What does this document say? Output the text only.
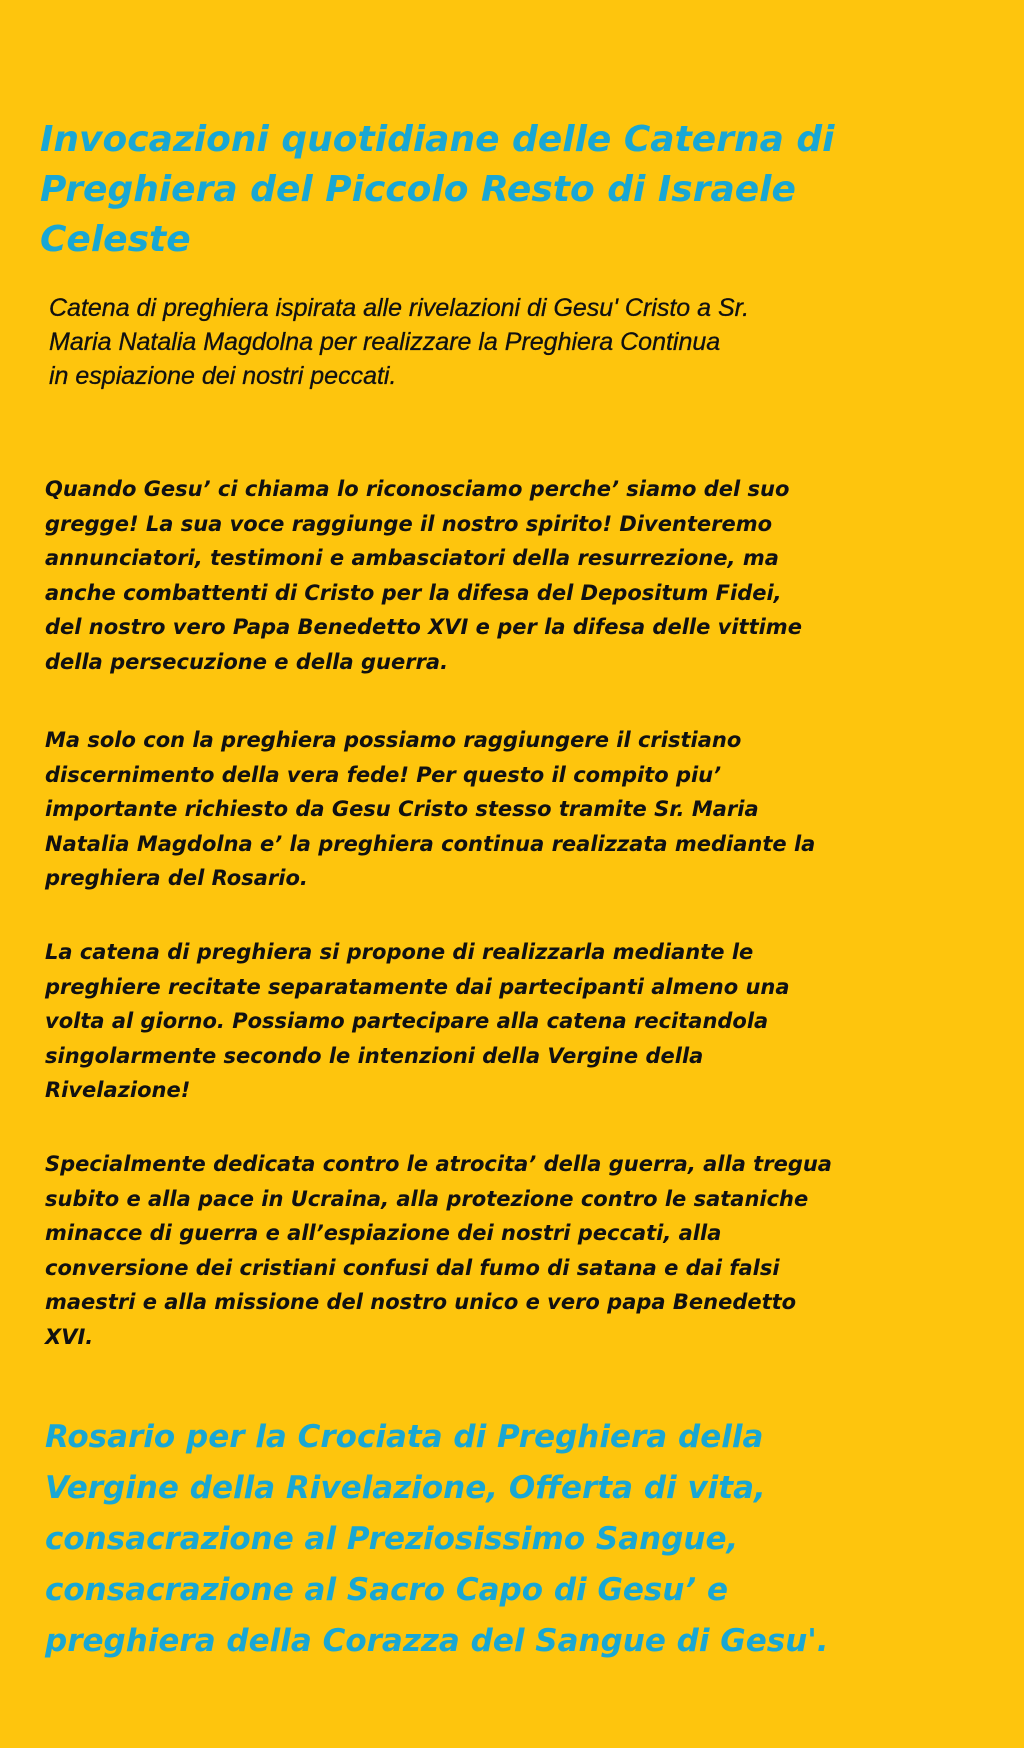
Invocazioni quotidiane delle Caterna di
Preghiera del Piccolo Resto di Israele
Celeste

Catena di preghiera ispirata alle rivelazioni di Gesu' Cristo a Sr.
Maria Natalia Magdolna per realizzare la Preghiera Continua
in espiazione dei nostri peccati.

Quando Gesu’ ci chiama lo riconosciamo perche’ siamo del suo
gregge! La sua voce raggiunge il nostro spirito! Diventeremo
annunciatori, testimoni e ambasciatori della resurrezione, ma
anche combattenti di Cristo per la difesa del Depositum Fidei,
del nostro vero Papa Benedetto XVI e per la difesa delle vittime
della persecuzione e della guerra.

Ma solo con la preghiera possiamo raggiungere il cristiano
discernimento della vera fede! Per questo il compito piu’
importante richiesto da Gesu Cristo stesso tramite Sr. Maria
Natalia Magdolna e’ la preghiera continua realizzata mediante la
preghiera del Rosario.

La catena di preghiera si propone di realizzarla mediante le
preghiere recitate separatamente dai partecipanti almeno una
volta al giorno. Possiamo partecipare alla catena recitandola
singolarmente secondo le intenzioni della Vergine della
Rivelazione!

Specialmente dedicata contro le atrocita’ della guerra, alla tregua
subito e alla pace in Ucraina, alla protezione contro le sataniche
minacce di guerra e all’espiazione dei nostri peccati, alla
conversione dei cristiani confusi dal fumo di satana e dai falsi
maestri e alla missione del nostro unico e vero papa Benedetto
XVI.

Rosario per la Crociata di Preghiera della
Vergine della Rivelazione, Offerta di vita,
consacrazione al Preziosissimo Sangue,
consacrazione al Sacro Capo di Gesu’ e
preghiera della Corazza del Sangue di Gesu'.
